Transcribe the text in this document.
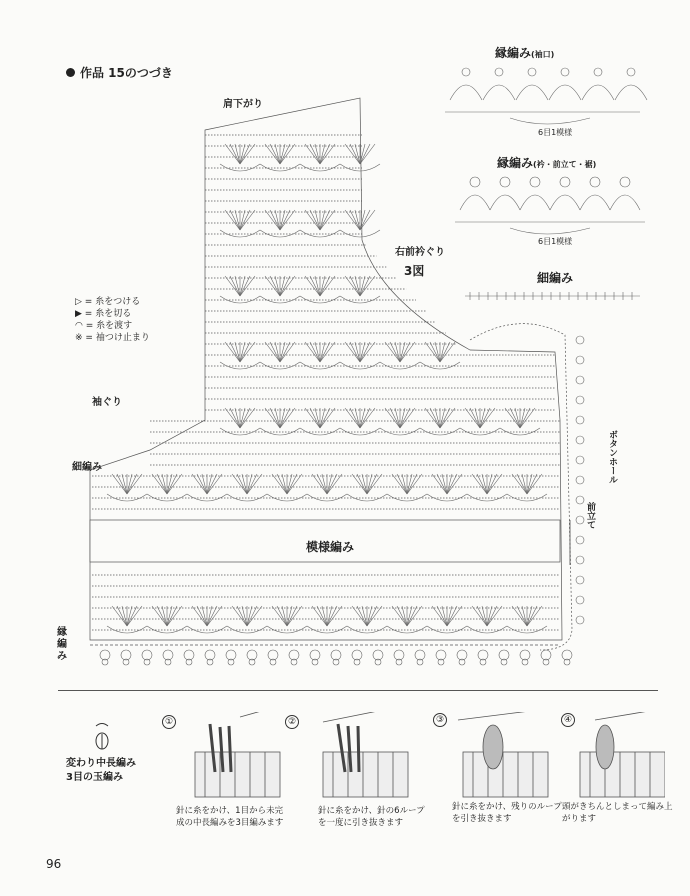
作品 15のつづき
肩下がり
右前衿ぐり
3図
袖ぐり
細編み
模様編み
縁編み
ボタンホール
前立て
▷ = 糸をつける
▶ = 糸を切る
◠ = 糸を渡す
※ = 袖つけ止まり
縁編み(袖口)
6目1模様
縁編み(衿・前立て・裾)
6目1模様
細編み
変わり中長編み
3目の玉編み
①	②	③	④
針に糸をかけ、1目から未完成の中長編みを3目編みます
針に糸をかけ、針の6ループを一度に引き抜きます
針に糸をかけ、残りのループを引き抜きます
頭がきちんとしまって編み上がります
96
